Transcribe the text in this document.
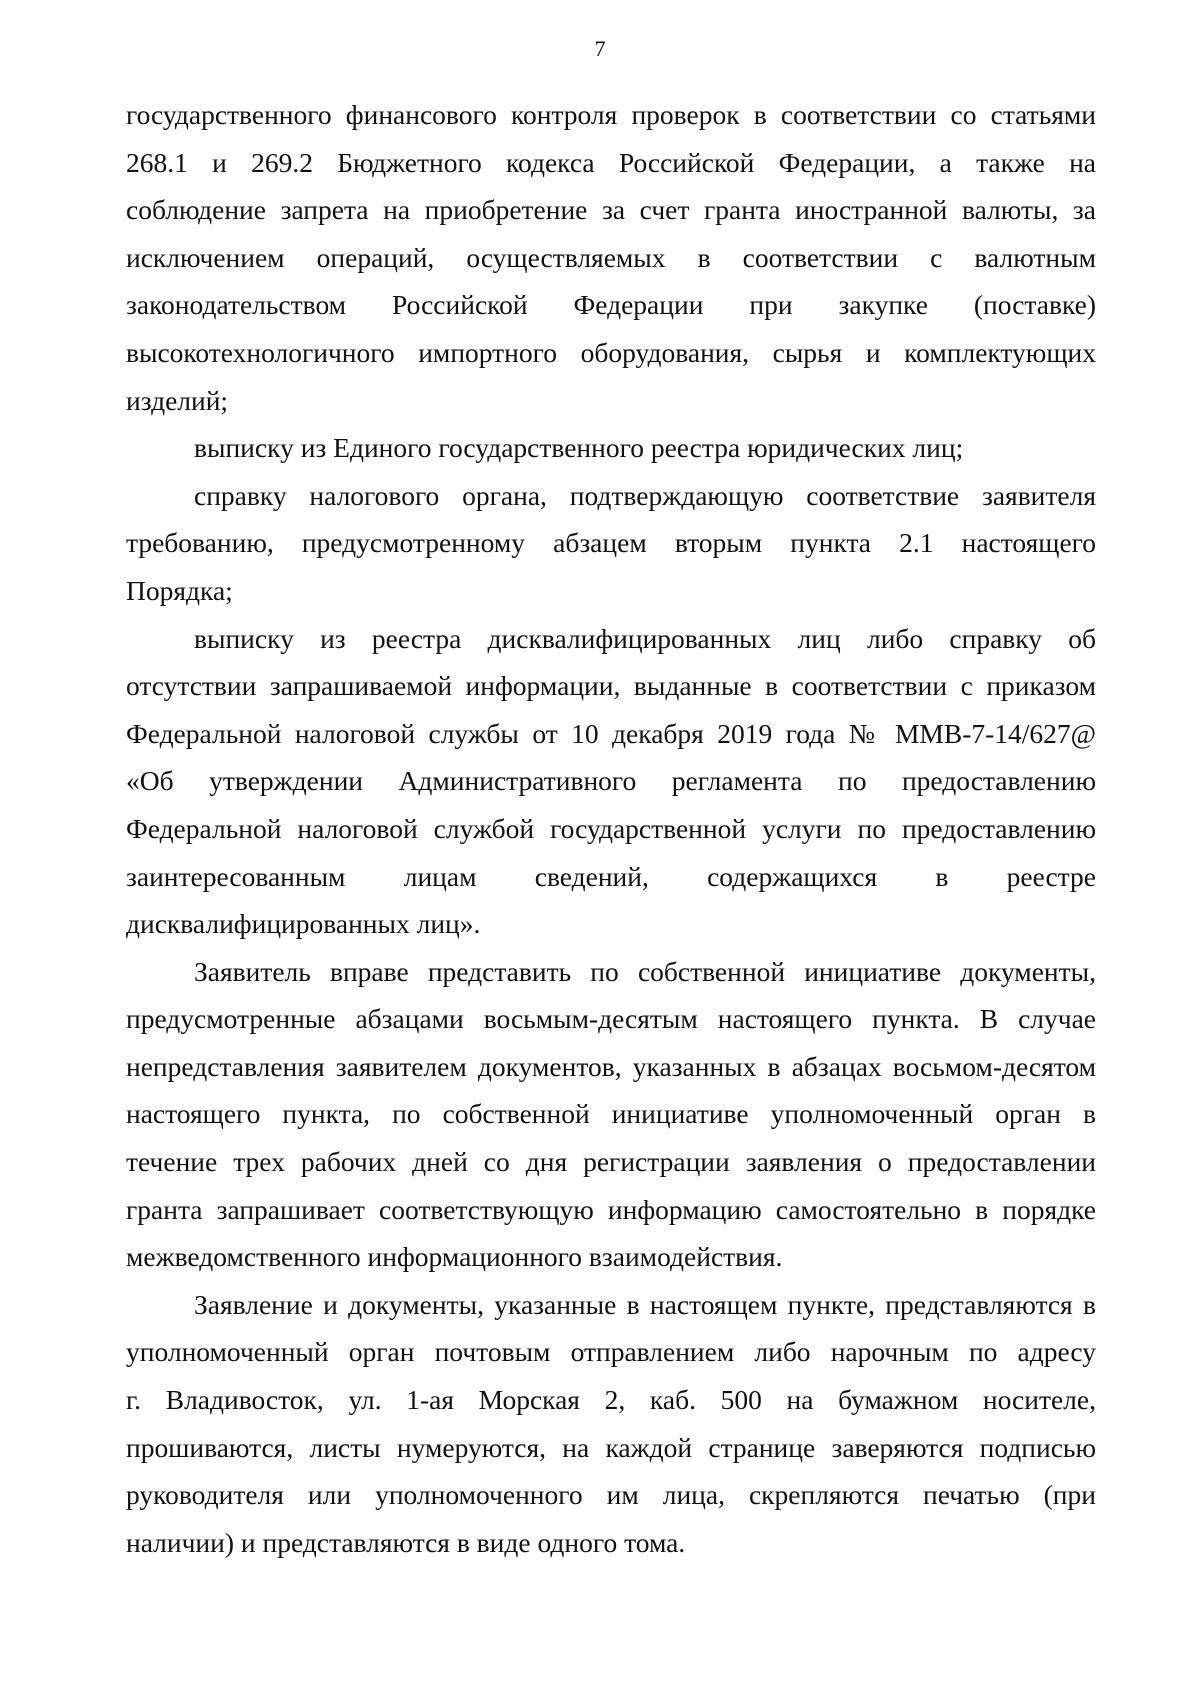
7
государственного финансового контроля проверок в соответствии со статьями
268.1 и 269.2 Бюджетного кодекса Российской Федерации, а также на
соблюдение запрета на приобретение за счет гранта иностранной валюты, за
исключением операций, осуществляемых в соответствии с валютным
законодательством Российской Федерации при закупке (поставке)
высокотехнологичного импортного оборудования, сырья и комплектующих
изделий;
выписку из Единого государственного реестра юридических лиц;
справку налогового органа, подтверждающую соответствие заявителя
требованию, предусмотренному абзацем вторым пункта 2.1 настоящего
Порядка;
выписку из реестра дисквалифицированных лиц либо справку об
отсутствии запрашиваемой информации, выданные в соответствии с приказом
Федеральной налоговой службы от 10 декабря 2019 года № ММВ-7-14/627@
«Об утверждении Административного регламента по предоставлению
Федеральной налоговой службой государственной услуги по предоставлению
заинтересованным лицам сведений, содержащихся в реестре
дисквалифицированных лиц».
Заявитель вправе представить по собственной инициативе документы,
предусмотренные абзацами восьмым-десятым настоящего пункта. В случае
непредставления заявителем документов, указанных в абзацах восьмом-десятом
настоящего пункта, по собственной инициативе уполномоченный орган в
течение трех рабочих дней со дня регистрации заявления о предоставлении
гранта запрашивает соответствующую информацию самостоятельно в порядке
межведомственного информационного взаимодействия.
Заявление и документы, указанные в настоящем пункте, представляются в
уполномоченный орган почтовым отправлением либо нарочным по адресу
г. Владивосток, ул. 1-ая Морская 2, каб. 500 на бумажном носителе,
прошиваются, листы нумеруются, на каждой странице заверяются подписью
руководителя или уполномоченного им лица, скрепляются печатью (при
наличии) и представляются в виде одного тома.
